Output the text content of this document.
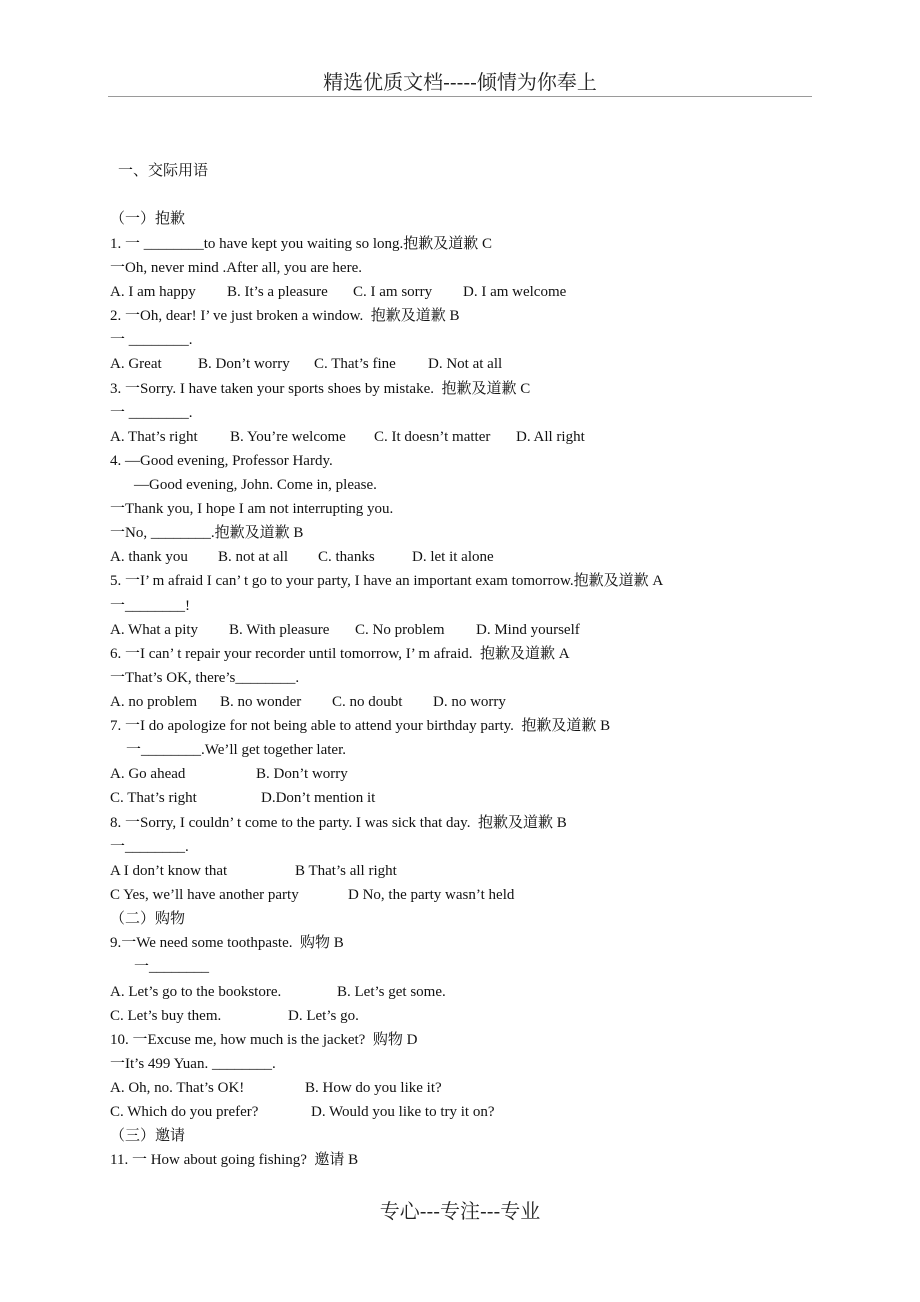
精选优质文档-----倾情为你奉上
一、交际用语
（一）抱歉
1. 一 ________to have kept you waiting so long.抱歉及道歉 C
一Oh, never mind .After all, you are here.
A. I am happy B. It’s a pleasure C. I am sorry D. I am welcome
2. 一Oh, dear! I’ ve just broken a window.  抱歉及道歉 B
一 ________.
A. Great B. Don’t worry C. That’s fine D. Not at all
3. 一Sorry. I have taken your sports shoes by mistake.  抱歉及道歉 C
一 ________.
A. That’s right B. You’re welcome C. It doesn’t matter D. All right
4. —Good evening, Professor Hardy.
—Good evening, John. Come in, please.
一Thank you, I hope I am not interrupting you.
一No, ________.抱歉及道歉 B
A. thank you B. not at all C. thanks D. let it alone
5. 一I’ m afraid I can’ t go to your party, I have an important exam tomorrow.抱歉及道歉 A
一________!
A. What a pity B. With pleasure C. No problem D. Mind yourself
6. 一I can’ t repair your recorder until tomorrow, I’ m afraid.  抱歉及道歉 A
一That’s OK, there’s________.
A. no problem B. no wonder C. no doubt D. no worry
7. 一I do apologize for not being able to attend your birthday party.  抱歉及道歉 B
一________.We’ll get together later.
A. Go ahead	B. Don’t worry
C. That’s right	D.Don’t mention it
8. 一Sorry, I couldn’ t come to the party. I was sick that day.  抱歉及道歉 B
一________.
A I don’t know that	B That’s all right
C Yes, we’ll have another party	D No, the party wasn’t held
（二）购物
9.一We need some toothpaste.  购物 B
一________
A. Let’s go to the bookstore.	B. Let’s get some.
C. Let’s buy them.	D. Let’s go.
10. 一Excuse me, how much is the jacket?  购物 D
一It’s 499 Yuan. ________.
A. Oh, no. That’s OK!	B. How do you like it?
C. Which do you prefer?	D. Would you like to try it on?
（三）邀请
11. 一 How about going fishing?  邀请 B
专心---专注---专业
